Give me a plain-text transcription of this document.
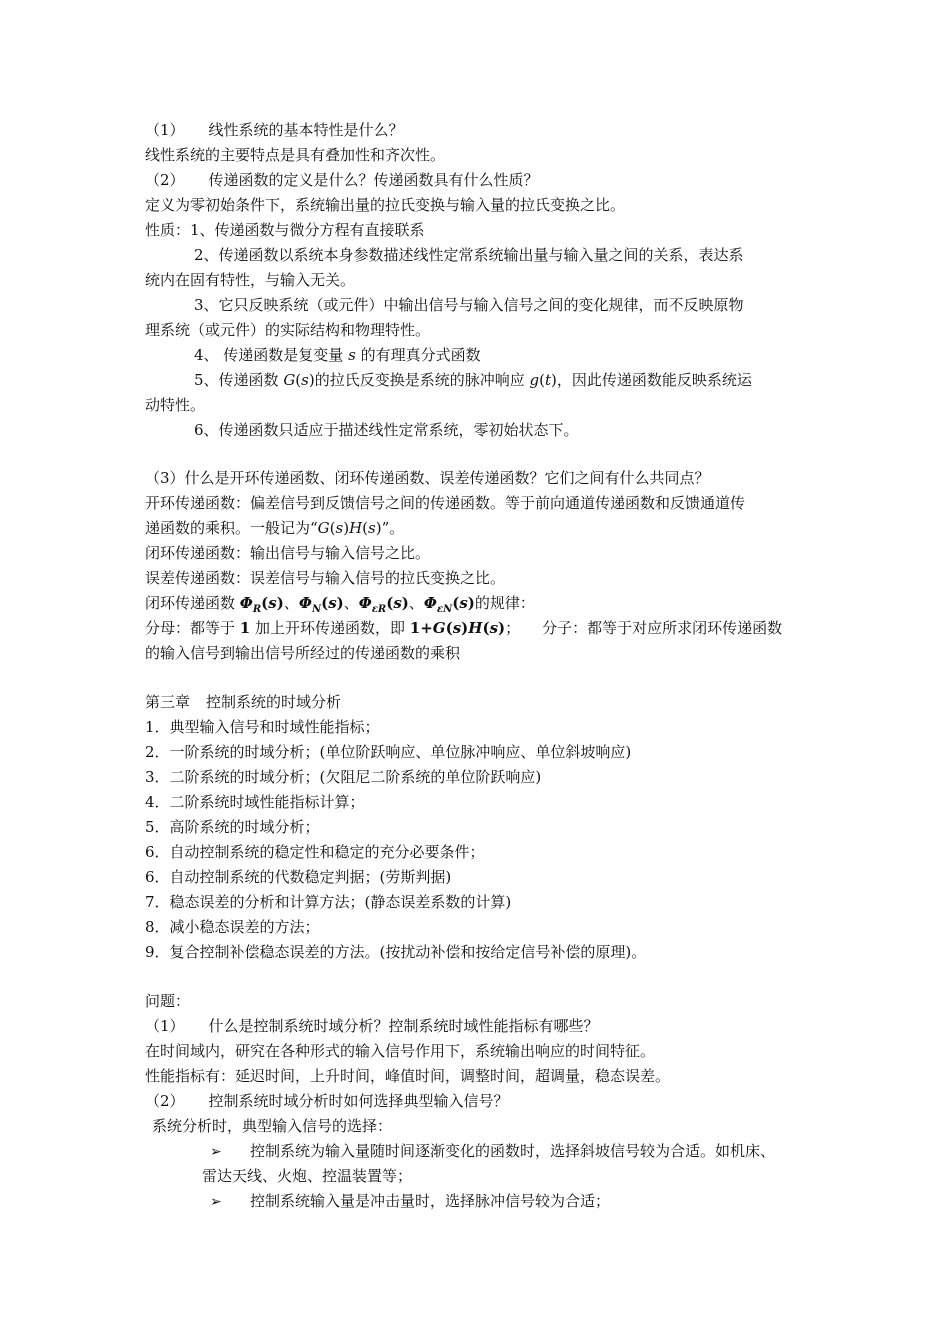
（1） 线性系统的基本特性是什么？
线性系统的主要特点是具有叠加性和齐次性。
（2） 传递函数的定义是什么？传递函数具有什么性质？
定义为零初始条件下，系统输出量的拉氏变换与输入量的拉氏变换之比。
性质：1、传递函数与微分方程有直接联系
2、传递函数以系统本身参数描述线性定常系统输出量与输入量之间的关系，表达系
统内在固有特性，与输入无关。
3、它只反映系统（或元件）中输出信号与输入信号之间的变化规律，而不反映原物
理系统（或元件）的实际结构和物理特性。
4、 传递函数是复变量 s 的有理真分式函数
5、传递函数 G(s)的拉氏反变换是系统的脉冲响应 g(t)，因此传递函数能反映系统运
动特性。
6、传递函数只适应于描述线性定常系统，零初始状态下。
（3）什么是开环传递函数、闭环传递函数、误差传递函数？它们之间有什么共同点？
开环传递函数：偏差信号到反馈信号之间的传递函数。等于前向通道传递函数和反馈通道传
递函数的乘积。一般记为“G(s)H(s)”。
闭环传递函数：输出信号与输入信号之比。
误差传递函数：误差信号与输入信号的拉氏变换之比。
闭环传递函数 $\Phi_R(s)$、$\Phi_N(s)$、$\Phi_{\varepsilon R}(s)$、$\Phi_{\varepsilon N}(s)$的规律：
分母：都等于 1 加上开环传递函数，即 1+G(s)H(s)； 分子：都等于对应所求闭环传递函数
的输入信号到输出信号所经过的传递函数的乘积
第三章 控制系统的时域分析
1．典型输入信号和时域性能指标；
2．一阶系统的时域分析；(单位阶跃响应、单位脉冲响应、单位斜坡响应)
3．二阶系统的时域分析；(欠阻尼二阶系统的单位阶跃响应)
4．二阶系统时域性能指标计算；
5．高阶系统的时域分析；
6．自动控制系统的稳定性和稳定的充分必要条件；
6．自动控制系统的代数稳定判据；(劳斯判据)
7．稳态误差的分析和计算方法；(静态误差系数的计算)
8．减小稳态误差的方法；
9．复合控制补偿稳态误差的方法。(按扰动补偿和按给定信号补偿的原理)。
问题：
（1） 什么是控制系统时域分析？控制系统时域性能指标有哪些？
在时间域内，研究在各种形式的输入信号作用下，系统输出响应的时间特征。
性能指标有：延迟时间，上升时间，峰值时间，调整时间，超调量，稳态误差。
（2） 控制系统时域分析时如何选择典型输入信号？
系统分析时，典型输入信号的选择：
➢ 控制系统为输入量随时间逐渐变化的函数时，选择斜坡信号较为合适。如机床、
雷达天线、火炮、控温装置等；
➢ 控制系统输入量是冲击量时，选择脉冲信号较为合适；
